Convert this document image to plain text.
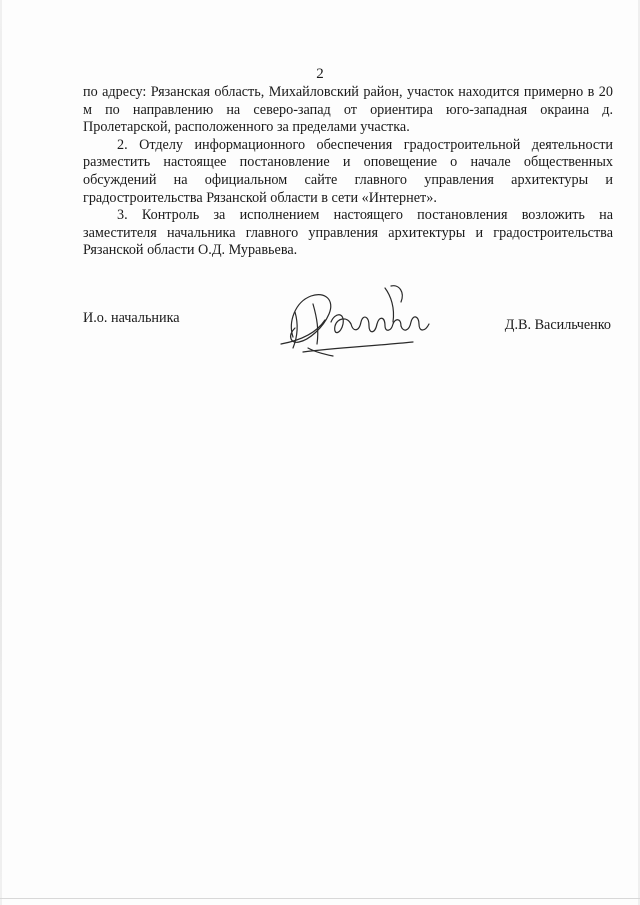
2

по адресу: Рязанская область, Михайловский район, участок находится примерно в 20 м по направлению на северо-запад от ориентира юго-западная окраина д. Пролетарской, расположенного за пределами участка.

2. Отделу информационного обеспечения градостроительной деятельности разместить настоящее постановление и оповещение о начале общественных обсуждений на официальном сайте главного управления архитектуры и градостроительства Рязанской области в сети «Интернет».

3. Контроль за исполнением настоящего постановления возложить на заместителя начальника главного управления архитектуры и градостроительства Рязанской области О.Д. Муравьева.

И.о. начальника	Д.В. Васильченко
